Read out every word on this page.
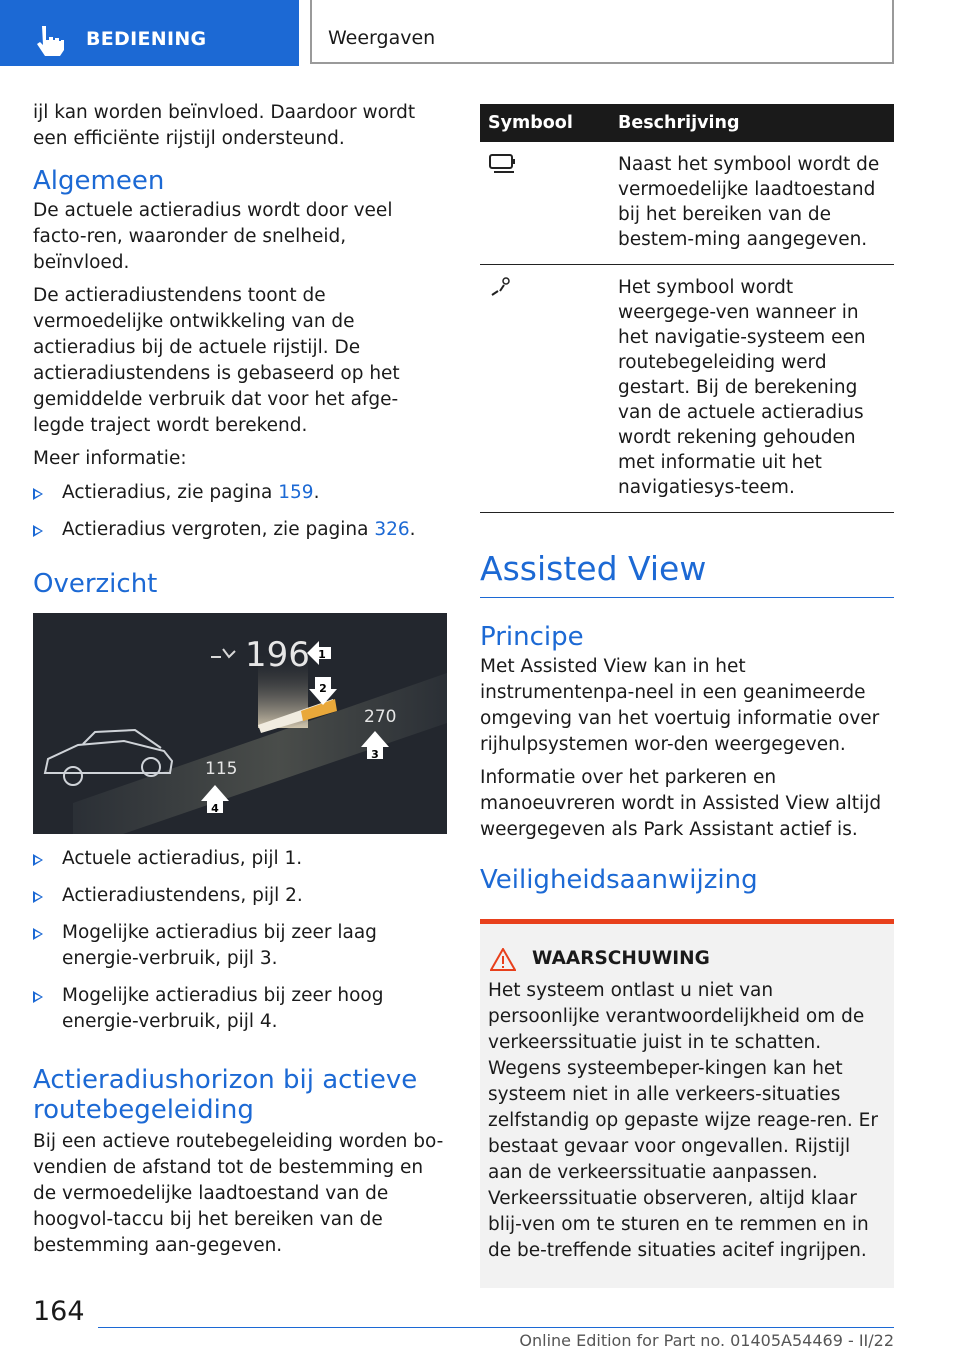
BEDIENING	Weergaven

ijl kan worden beïnvloed. Daardoor wordt een efficiënte rijstijl ondersteund.

Algemeen

De actuele actieradius wordt door veel facto-ren, waaronder de snelheid, beïnvloed.

De actieradiustendens toont de vermoedelijke ontwikkeling van de actieradius bij de actuele rijstijl. De actieradiustendens is gebaseerd op het gemiddelde verbruik dat voor het afge-legde traject wordt berekend.

Meer informatie:

Actieradius, zie pagina 159.
Actieradius vergroten, zie pagina 326.
Overzicht
1
2
3
4
196
270
115
Actuele actieradius, pijl 1.
Actieradiustendens, pijl 2.
Mogelijke actieradius bij zeer laag energie-verbruik, pijl 3.
Mogelijke actieradius bij zeer hoog energie-verbruik, pijl 4.
Actieradiushorizon bij actieve routebegeleiding

Bij een actieve routebegeleiding worden bo-vendien de afstand tot de bestemming en de vermoedelijke laadtoestand van de hoogvol-taccu bij het bereiken van de bestemming aan-gegeven.

Symbool	Beschrijving
	Naast het symbool wordt de vermoedelijke laadtoestand bij het bereiken van de bestem-ming aangegeven.
	Het symbool wordt weergege-ven wanneer in het navigatie-systeem een routebegeleiding werd gestart. Bij de berekening van de actuele actieradius wordt rekening gehouden met informatie uit het navigatiesys-teem.
Assisted View
Principe

Met Assisted View kan in het instrumentenpa-neel in een geanimeerde omgeving van het voertuig informatie over rijhulpsystemen wor-den weergegeven.

Informatie over het parkeren en manoeuvreren wordt in Assisted View altijd weergegeven als Park Assistant actief is.

Veiligheidsaanwijzing
WAARSCHUWING

Het systeem ontlast u niet van persoonlijke verantwoordelijkheid om de verkeerssituatie juist in te schatten. Wegens systeembeper-kingen kan het systeem niet in alle verkeers-situaties zelfstandig op gepaste wijze reage-ren. Er bestaat gevaar voor ongevallen. Rijstijl aan de verkeerssituatie aanpassen. Verkeerssituatie observeren, altijd klaar blij-ven om te sturen en te remmen en in de be-treffende situaties acitef ingrijpen.

164
Online Edition for Part no. 01405A54469 - II/22
